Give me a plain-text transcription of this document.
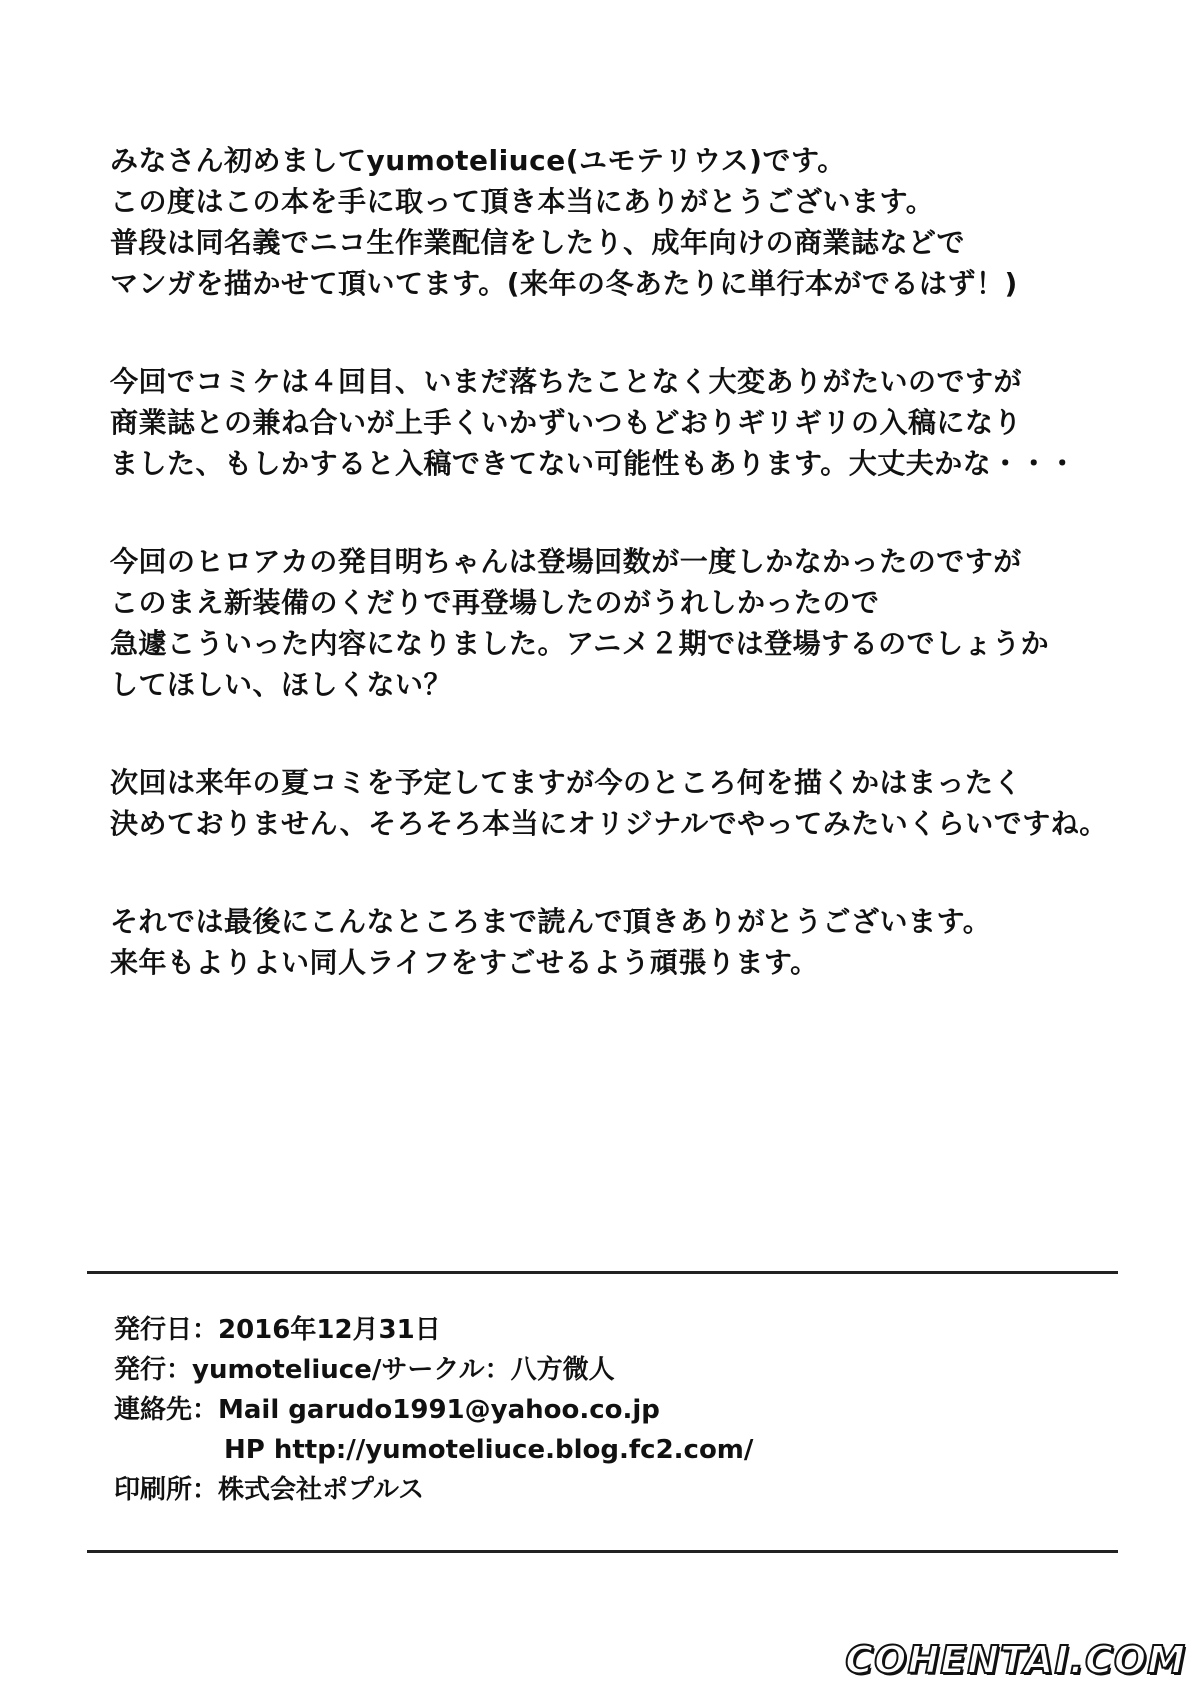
みなさん初めましてyumoteliuce(ユモテリウス)です。
この度はこの本を手に取って頂き本当にありがとうございます。
普段は同名義でニコ生作業配信をしたり、成年向けの商業誌などで
マンガを描かせて頂いてます。(来年の冬あたりに単行本がでるはず！)
今回でコミケは４回目、いまだ落ちたことなく大変ありがたいのですが
商業誌との兼ね合いが上手くいかずいつもどおりギリギリの入稿になり
ました、もしかすると入稿できてない可能性もあります。大丈夫かな・・・
今回のヒロアカの発目明ちゃんは登場回数が一度しかなかったのですが
このまえ新装備のくだりで再登場したのがうれしかったので
急遽こういった内容になりました。アニメ２期では登場するのでしょうか
してほしい、ほしくない？
次回は来年の夏コミを予定してますが今のところ何を描くかはまったく
決めておりません、そろそろ本当にオリジナルでやってみたいくらいですね。
それでは最後にこんなところまで読んで頂きありがとうございます。
来年もよりよい同人ライフをすごせるよう頑張ります。
発行日：2016年12月31日
発行：yumoteliuce/サークル：八方微人
連絡先：Mail garudo1991@yahoo.co.jp
HP http://yumoteliuce.blog.fc2.com/
印刷所：株式会社ポプルス
COHENTAI.COM
